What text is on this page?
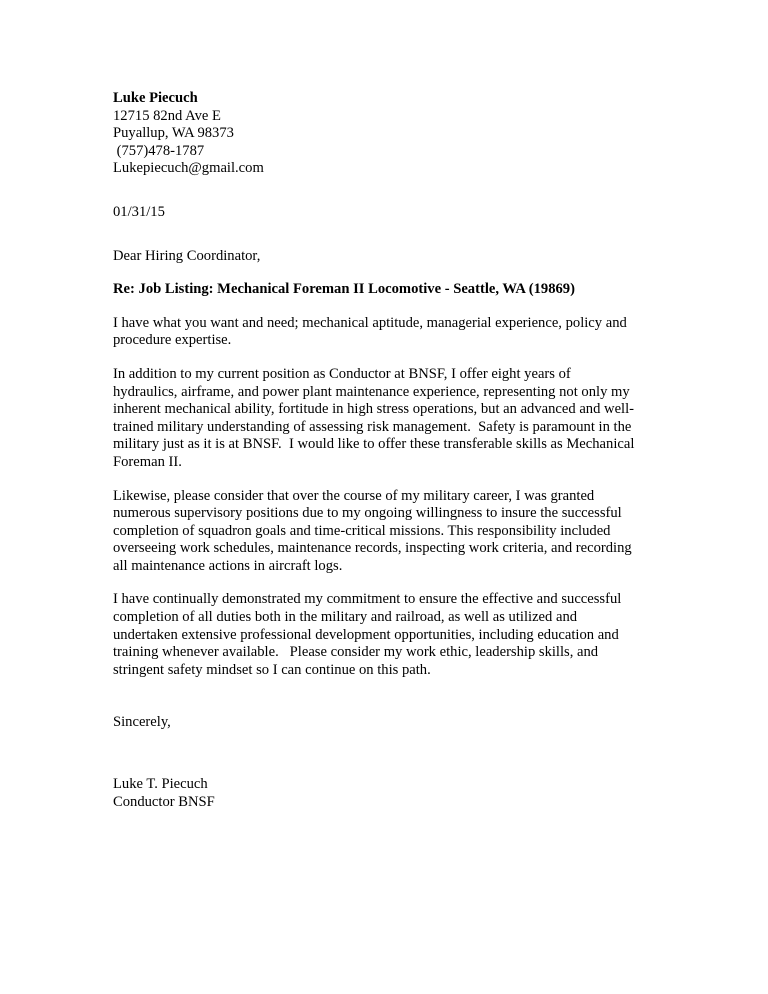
Luke Piecuch
12715 82nd Ave E
Puyallup, WA 98373
(757)478-1787
Lukepiecuch@gmail.com
01/31/15
Dear Hiring Coordinator,
Re: Job Listing: Mechanical Foreman II Locomotive - Seattle, WA (19869)
I have what you want and need; mechanical aptitude, managerial experience, policy and
procedure expertise.
In addition to my current position as Conductor at BNSF, I offer eight years of
hydraulics, airframe, and power plant maintenance experience, representing not only my
inherent mechanical ability, fortitude in high stress operations, but an advanced and well-
trained military understanding of assessing risk management.  Safety is paramount in the
military just as it is at BNSF.  I would like to offer these transferable skills as Mechanical
Foreman II.
Likewise, please consider that over the course of my military career, I was granted
numerous supervisory positions due to my ongoing willingness to insure the successful
completion of squadron goals and time-critical missions. This responsibility included
overseeing work schedules, maintenance records, inspecting work criteria, and recording
all maintenance actions in aircraft logs.
I have continually demonstrated my commitment to ensure the effective and successful
completion of all duties both in the military and railroad, as well as utilized and
undertaken extensive professional development opportunities, including education and
training whenever available.   Please consider my work ethic, leadership skills, and
stringent safety mindset so I can continue on this path.
Sincerely,
Luke T. Piecuch
Conductor BNSF
